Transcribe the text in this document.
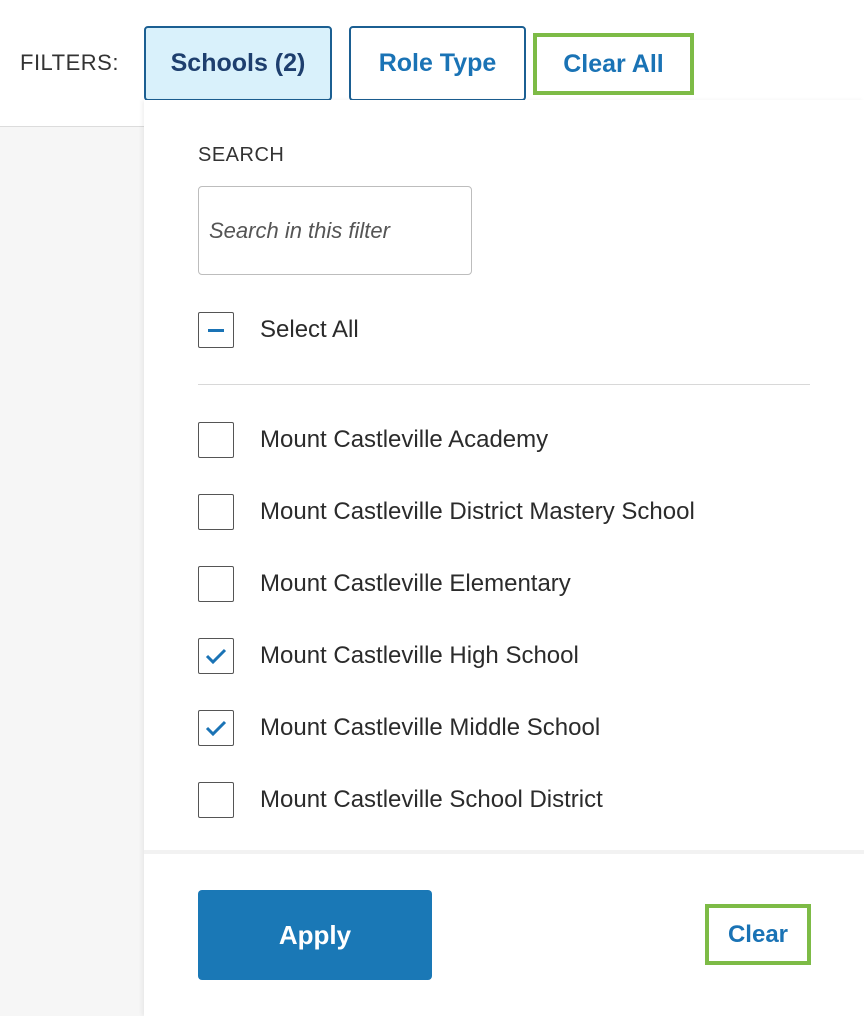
FILTERS:	Schools (2)	Role Type	Clear All
SEARCH
Search in this filter
Select All
Mount Castleville Academy
Mount Castleville District Mastery School
Mount Castleville Elementary
Mount Castleville High School
Mount Castleville Middle School
Mount Castleville School District
Apply	Clear
